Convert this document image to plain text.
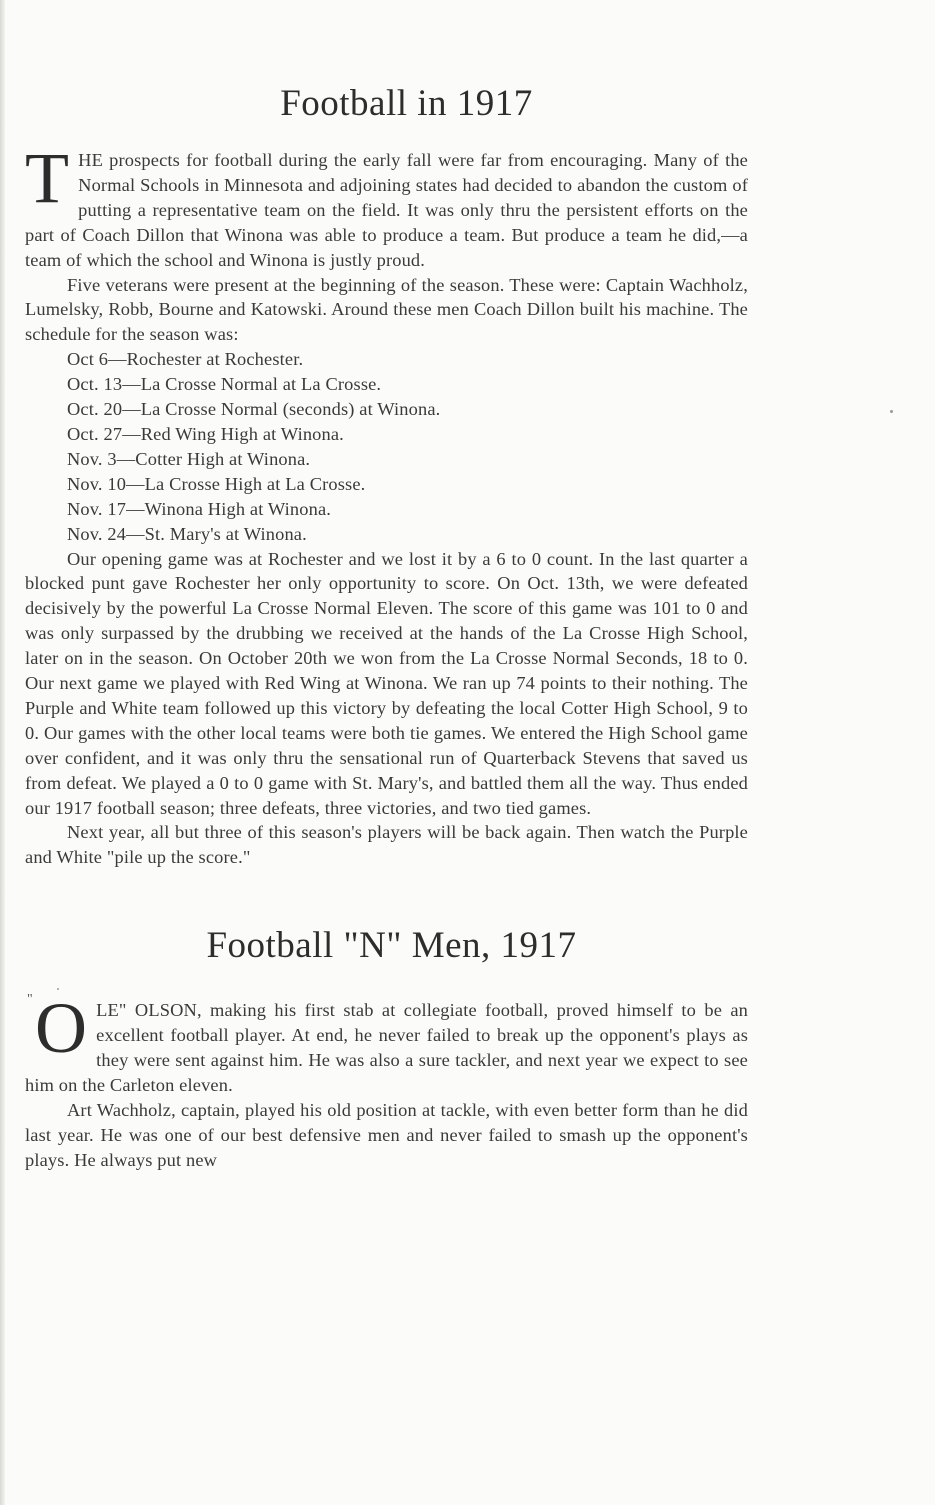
Football in 1917

THE prospects for football during the early fall were far from encouraging. Many of the Normal Schools in Minnesota and adjoining states had decided to abandon the custom of putting a representative team on the field. It was only thru the persistent efforts on the part of Coach Dillon that Winona was able to produce a team. But produce a team he did,—a team of which the school and Winona is justly proud.

Five veterans were present at the beginning of the season. These were: Captain Wachholz, Lumelsky, Robb, Bourne and Katowski. Around these men Coach Dillon built his machine. The schedule for the season was:

Oct 6—Rochester at Rochester.
Oct. 13—La Crosse Normal at La Crosse.
Oct. 20—La Crosse Normal (seconds) at Winona.
Oct. 27—Red Wing High at Winona.
Nov. 3—Cotter High at Winona.
Nov. 10—La Crosse High at La Crosse.
Nov. 17—Winona High at Winona.
Nov. 24—St. Mary's at Winona.

Our opening game was at Rochester and we lost it by a 6 to 0 count. In the last quarter a blocked punt gave Rochester her only opportunity to score. On Oct. 13th, we were defeated decisively by the powerful La Crosse Normal Eleven. The score of this game was 101 to 0 and was only surpassed by the drubbing we received at the hands of the La Crosse High School, later on in the season. On October 20th we won from the La Crosse Normal Seconds, 18 to 0. Our next game we played with Red Wing at Winona. We ran up 74 points to their nothing. The Purple and White team followed up this victory by defeating the local Cotter High School, 9 to 0. Our games with the other local teams were both tie games. We entered the High School game over confident, and it was only thru the sensational run of Quarterback Stevens that saved us from defeat. We played a 0 to 0 game with St. Mary's, and battled them all the way. Thus ended our 1917 football season; three defeats, three victories, and two tied games.

Next year, all but three of this season's players will be back again. Then watch the Purple and White "pile up the score."

Football "N" Men, 1917
" OLE" OLSON, making his first stab at collegiate football, proved himself to be an excellent football player. At end, he never failed to break up the opponent's plays as they were sent against him. He was also a sure tackler, and next year we expect to see him on the Carleton eleven.

Art Wachholz, captain, played his old position at tackle, with even better form than he did last year. He was one of our best defensive men and never failed to smash up the opponent's plays. He always put new
